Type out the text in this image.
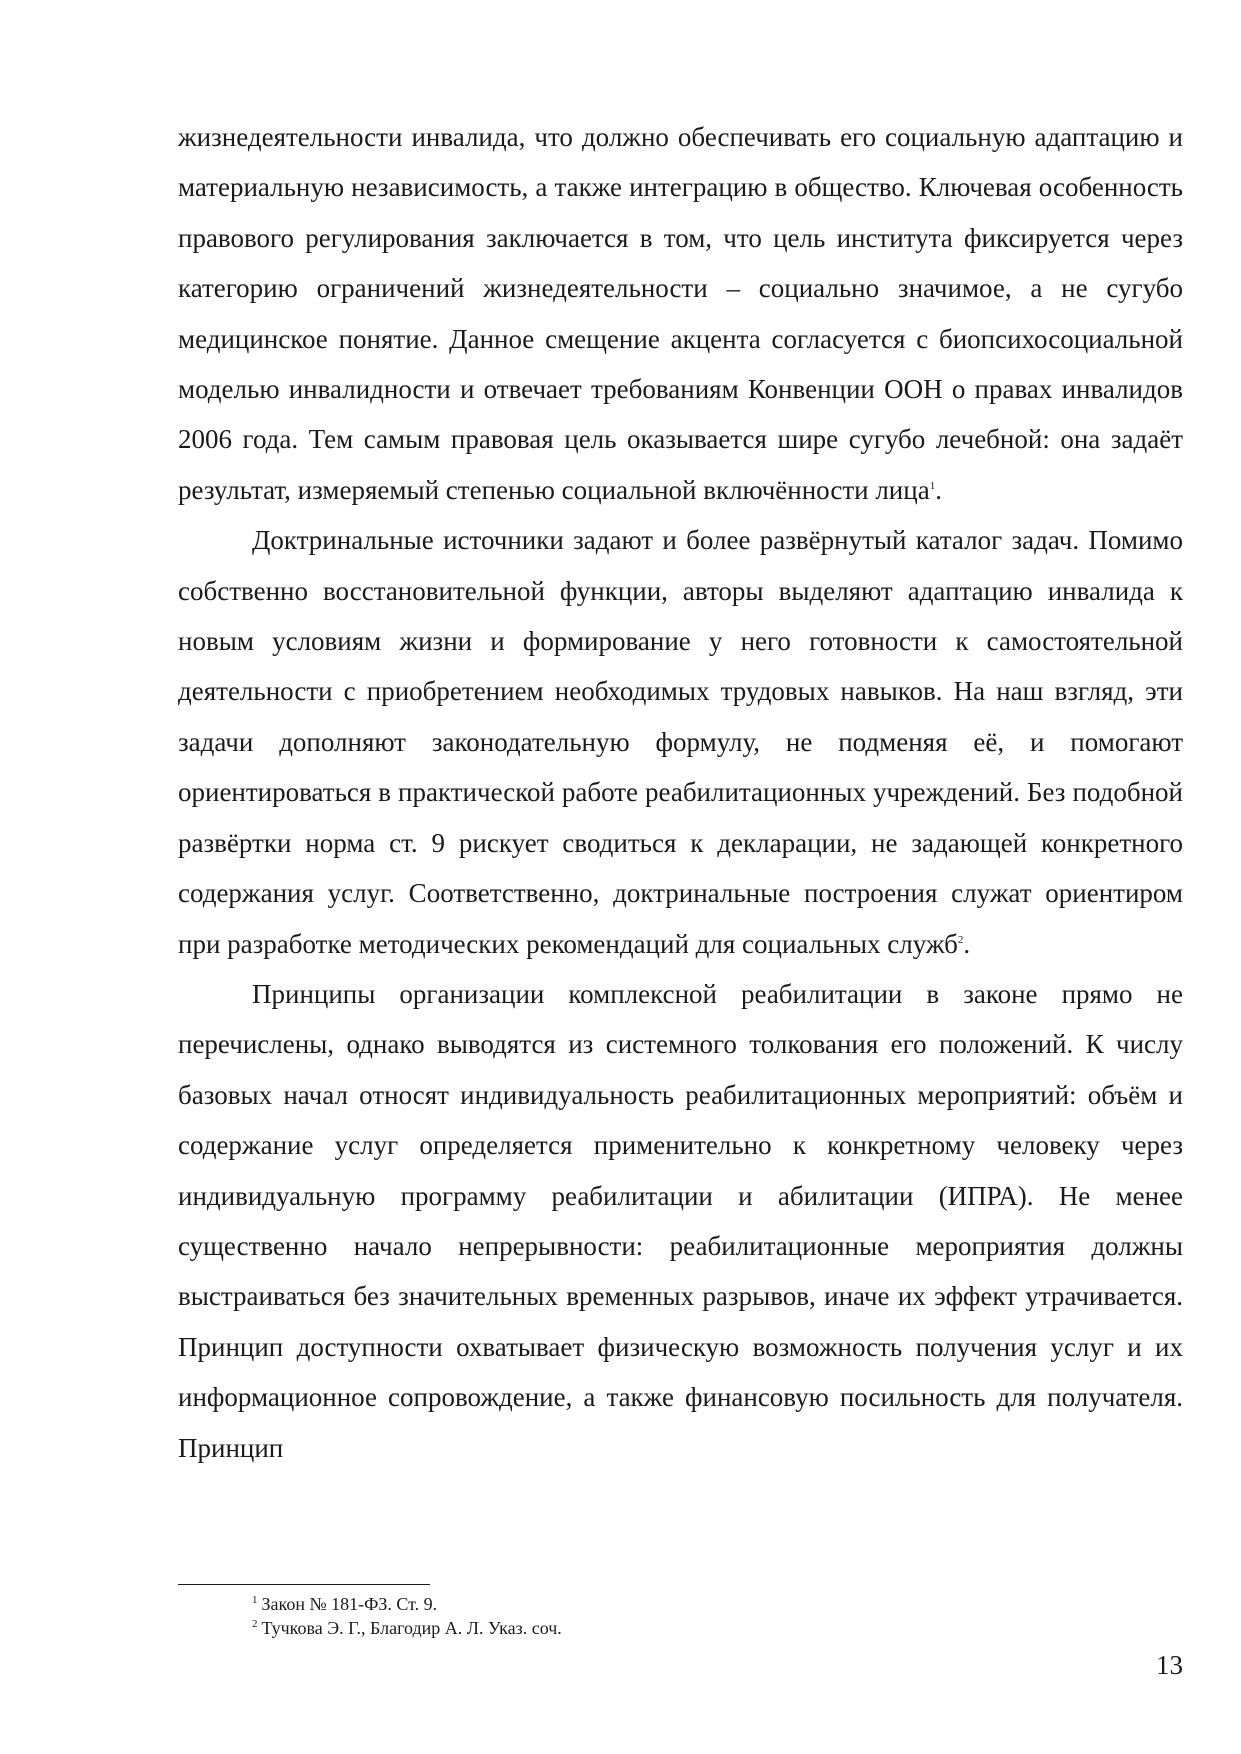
жизнедеятельности инвалида, что должно обеспечивать его социальную адаптацию и материальную независимость, а также интеграцию в общество. Ключевая особенность правового регулирования заключается в том, что цель института фиксируется через категорию ограничений жизнедеятельности – социально значимое, а не сугубо медицинское понятие. Данное смещение акцента согласуется с биопсихосоциальной моделью инвалидности и отвечает требованиям Конвенции ООН о правах инвалидов 2006 года. Тем самым правовая цель оказывается шире сугубо лечебной: она задаёт результат, измеряемый степенью социальной включённости лица$^1$.

Доктринальные источники задают и более развёрнутый каталог задач. Помимо собственно восстановительной функции, авторы выделяют адаптацию инвалида к новым условиям жизни и формирование у него готовности к самостоятельной деятельности с приобретением необходимых трудовых навыков. На наш взгляд, эти задачи дополняют законодательную формулу, не подменяя её, и помогают ориентироваться в практической работе реабилитационных учреждений. Без подобной развёртки норма ст. 9 рискует сводиться к декларации, не задающей конкретного содержания услуг. Соответственно, доктринальные построения служат ориентиром при разработке методических рекомендаций для социальных служб$^2$.

Принципы организации комплексной реабилитации в законе прямо не перечислены, однако выводятся из системного толкования его положений. К числу базовых начал относят индивидуальность реабилитационных мероприятий: объём и содержание услуг определяется применительно к конкретному человеку через индивидуальную программу реабилитации и абилитации (ИПРА). Не менее существенно начало непрерывности: реабилитационные мероприятия должны выстраиваться без значительных временных разрывов, иначе их эффект утрачивается. Принцип доступности охватывает физическую возможность получения услуг и их информационное сопровождение, а также финансовую посильность для получателя. Принцип

$^1$ Закон № 181-ФЗ. Ст. 9.

$^2$ Тучкова Э. Г., Благодир А. Л. Указ. соч.

13
